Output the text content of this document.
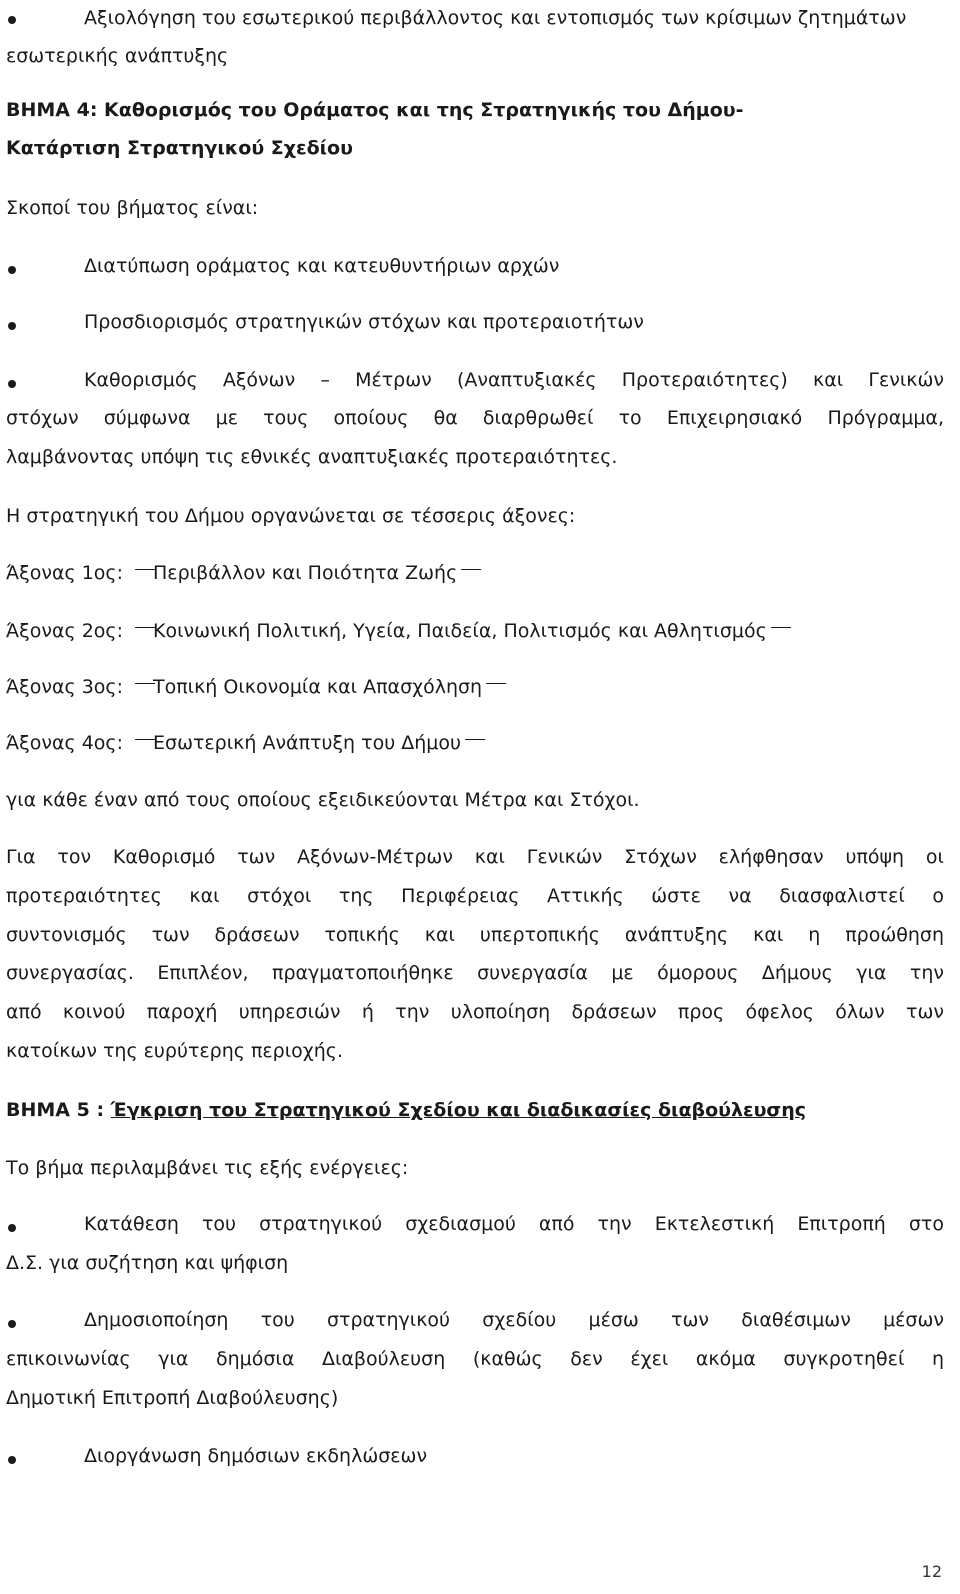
Αξιολόγηση του εσωτερικού περιβάλλοντος και εντοπισμός των κρίσιμων ζητημάτων
εσωτερικής ανάπτυξης
ΒΗΜΑ 4: Καθορισμός του Οράματος και της Στρατηγικής του Δήμου-
Κατάρτιση Στρατηγικού Σχεδίου
Σκοποί του βήματος είναι:
Διατύπωση οράματος και κατευθυντήριων αρχών
Προσδιορισμός στρατηγικών στόχων και προτεραιοτήτων
Καθορισμός Αξόνων – Μέτρων (Αναπτυξιακές Προτεραιότητες) και Γενικών
στόχων σύμφωνα με τους οποίους θα διαρθρωθεί το Επιχειρησιακό Πρόγραμμα,
λαμβάνοντας υπόψη τις εθνικές αναπτυξιακές προτεραιότητες.
Η στρατηγική του Δήμου οργανώνεται σε τέσσερις άξονες:
Άξονας 1ος: Περιβάλλον και Ποιότητα Ζωής
Άξονας 2ος: Κοινωνική Πολιτική, Υγεία, Παιδεία, Πολιτισμός και Αθλητισμός
Άξονας 3ος: Τοπική Οικονομία και Απασχόληση
Άξονας 4ος: Εσωτερική Ανάπτυξη του Δήμου
για κάθε έναν από τους οποίους εξειδικεύονται Μέτρα και Στόχοι.
Για τον Καθορισμό των Αξόνων-Μέτρων και Γενικών Στόχων ελήφθησαν υπόψη οι
προτεραιότητες και στόχοι της Περιφέρειας Αττικής ώστε να διασφαλιστεί ο
συντονισμός των δράσεων τοπικής και υπερτοπικής ανάπτυξης και η προώθηση
συνεργασίας. Επιπλέον, πραγματοποιήθηκε συνεργασία με όμορους Δήμους για την
από κοινού παροχή υπηρεσιών ή την υλοποίηση δράσεων προς όφελος όλων των
κατοίκων της ευρύτερης περιοχής.
ΒΗΜΑ 5 : Έγκριση του Στρατηγικού Σχεδίου και διαδικασίες διαβούλευσης
Το βήμα περιλαμβάνει τις εξής ενέργειες:
Κατάθεση του στρατηγικού σχεδιασμού από την Εκτελεστική Επιτροπή στο
Δ.Σ. για συζήτηση και ψήφιση
Δημοσιοποίηση του στρατηγικού σχεδίου μέσω των διαθέσιμων μέσων
επικοινωνίας για δημόσια Διαβούλευση (καθώς δεν έχει ακόμα συγκροτηθεί η
Δημοτική Επιτροπή Διαβούλευσης)
Διοργάνωση δημόσιων εκδηλώσεων
12
